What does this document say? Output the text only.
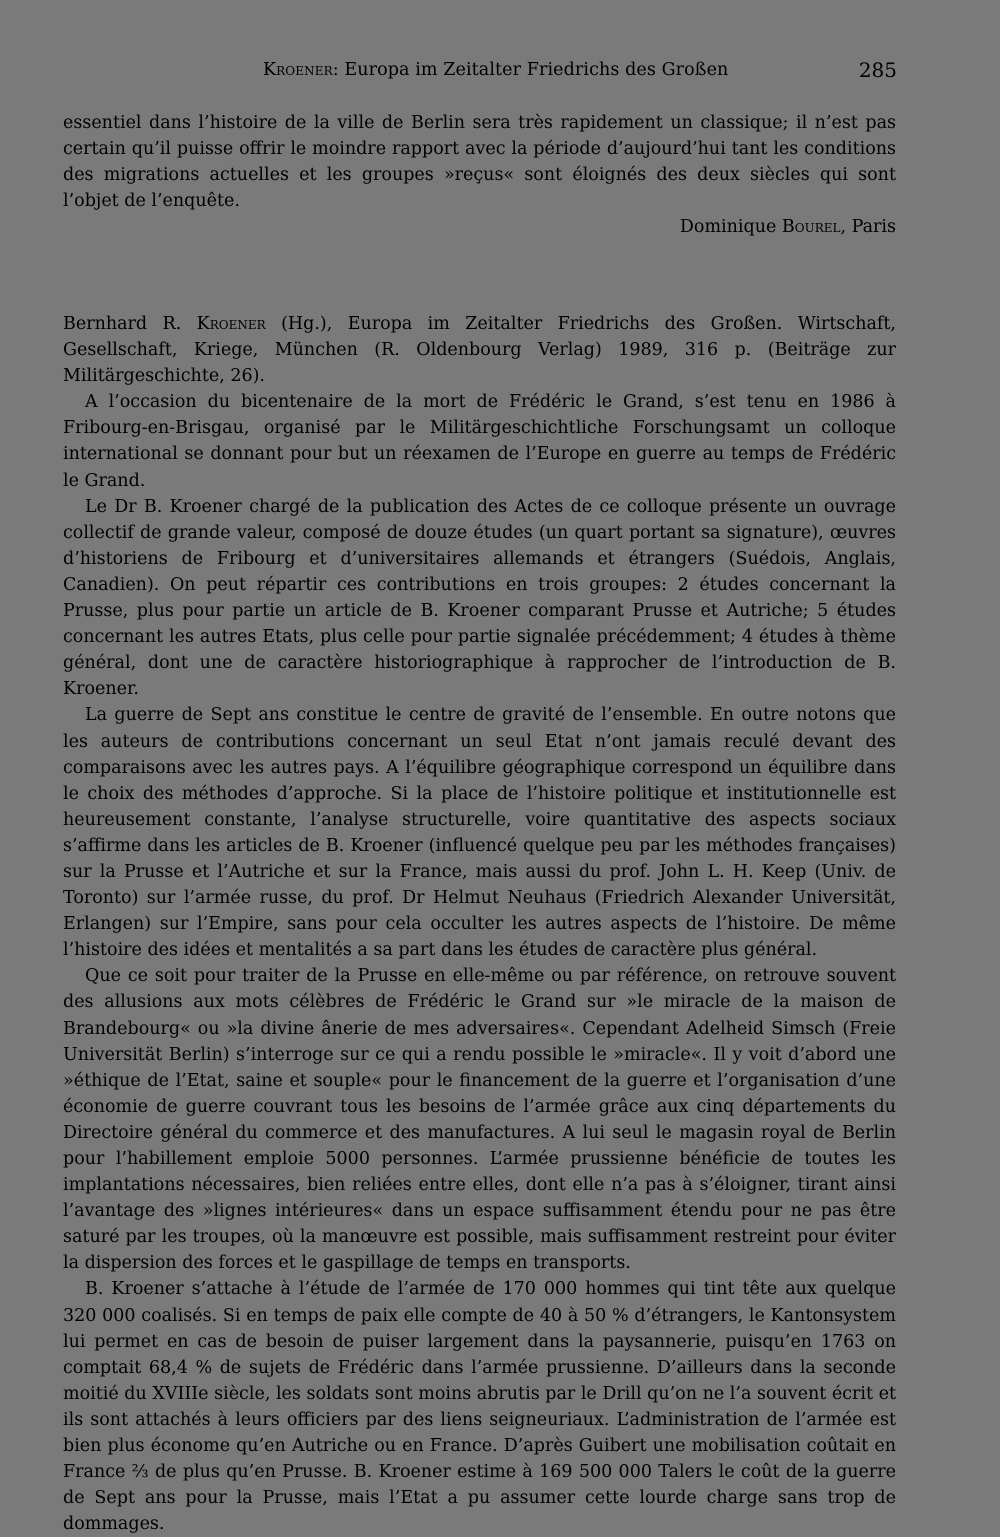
Kroener: Europa im Zeitalter Friedrichs des Großen	285

essentiel dans l’histoire de la ville de Berlin sera très rapidement un classique; il n’est pas certain qu’il puisse offrir le moindre rapport avec la période d’aujourd’hui tant les conditions des migrations actuelles et les groupes »reçus« sont éloignés des deux siècles qui sont l’objet de l’enquête.

Dominique Bourel, Paris

Bernhard R. Kroener (Hg.), Europa im Zeitalter Friedrichs des Großen. Wirtschaft, Gesellschaft, Kriege, München (R. Oldenbourg Verlag) 1989, 316 p. (Beiträge zur Militärgeschichte, 26).

A l’occasion du bicentenaire de la mort de Frédéric le Grand, s’est tenu en 1986 à Fribourg-en-Brisgau, organisé par le Militärgeschichtliche Forschungsamt un colloque international se donnant pour but un réexamen de l’Europe en guerre au temps de Frédéric le Grand.

Le Dr B. Kroener chargé de la publication des Actes de ce colloque présente un ouvrage collectif de grande valeur, composé de douze études (un quart portant sa signature), œuvres d’historiens de Fribourg et d’universitaires allemands et étrangers (Suédois, Anglais, Canadien). On peut répartir ces contributions en trois groupes: 2 études concernant la Prusse, plus pour partie un article de B. Kroener comparant Prusse et Autriche; 5 études concernant les autres Etats, plus celle pour partie signalée précédemment; 4 études à thème général, dont une de caractère historiographique à rapprocher de l’introduction de B. Kroener.

La guerre de Sept ans constitue le centre de gravité de l’ensemble. En outre notons que les auteurs de contributions concernant un seul Etat n’ont jamais reculé devant des comparaisons avec les autres pays. A l’équilibre géographique correspond un équilibre dans le choix des méthodes d’approche. Si la place de l’histoire politique et institutionnelle est heureusement constante, l’analyse structurelle, voire quantitative des aspects sociaux s’affirme dans les articles de B. Kroener (influencé quelque peu par les méthodes françaises) sur la Prusse et l’Autriche et sur la France, mais aussi du prof. John L. H. Keep (Univ. de Toronto) sur l’armée russe, du prof. Dr Helmut Neuhaus (Friedrich Alexander Universität, Erlangen) sur l’Empire, sans pour cela occulter les autres aspects de l’histoire. De même l’histoire des idées et mentalités a sa part dans les études de caractère plus général.

Que ce soit pour traiter de la Prusse en elle-même ou par référence, on retrouve souvent des allusions aux mots célèbres de Frédéric le Grand sur »le miracle de la maison de Brandebourg« ou »la divine ânerie de mes adversaires«. Cependant Adelheid Simsch (Freie Universität Berlin) s’interroge sur ce qui a rendu possible le »miracle«. Il y voit d’abord une »éthique de l’Etat, saine et souple« pour le financement de la guerre et l’organisation d’une économie de guerre couvrant tous les besoins de l’armée grâce aux cinq départements du Directoire général du commerce et des manufactures. A lui seul le magasin royal de Berlin pour l’habillement emploie 5000 personnes. L’armée prussienne bénéficie de toutes les implantations nécessaires, bien reliées entre elles, dont elle n’a pas à s’éloigner, tirant ainsi l’avantage des »lignes intérieures« dans un espace suffisamment étendu pour ne pas être saturé par les troupes, où la manœuvre est possible, mais suffisamment restreint pour éviter la dispersion des forces et le gaspillage de temps en transports.

B. Kroener s’attache à l’étude de l’armée de 170 000 hommes qui tint tête aux quelque 320 000 coalisés. Si en temps de paix elle compte de 40 à 50 % d’étrangers, le Kantonsystem lui permet en cas de besoin de puiser largement dans la paysannerie, puisqu’en 1763 on comptait 68,4 % de sujets de Frédéric dans l’armée prussienne. D’ailleurs dans la seconde moitié du XVIIIe siècle, les soldats sont moins abrutis par le Drill qu’on ne l’a souvent écrit et ils sont attachés à leurs officiers par des liens seigneuriaux. L’administration de l’armée est bien plus économe qu’en Autriche ou en France. D’après Guibert une mobilisation coûtait en France ⅔ de plus qu’en Prusse. B. Kroener estime à 169 500 000 Talers le coût de la guerre de Sept ans pour la Prusse, mais l’Etat a pu assumer cette lourde charge sans trop de dommages.
